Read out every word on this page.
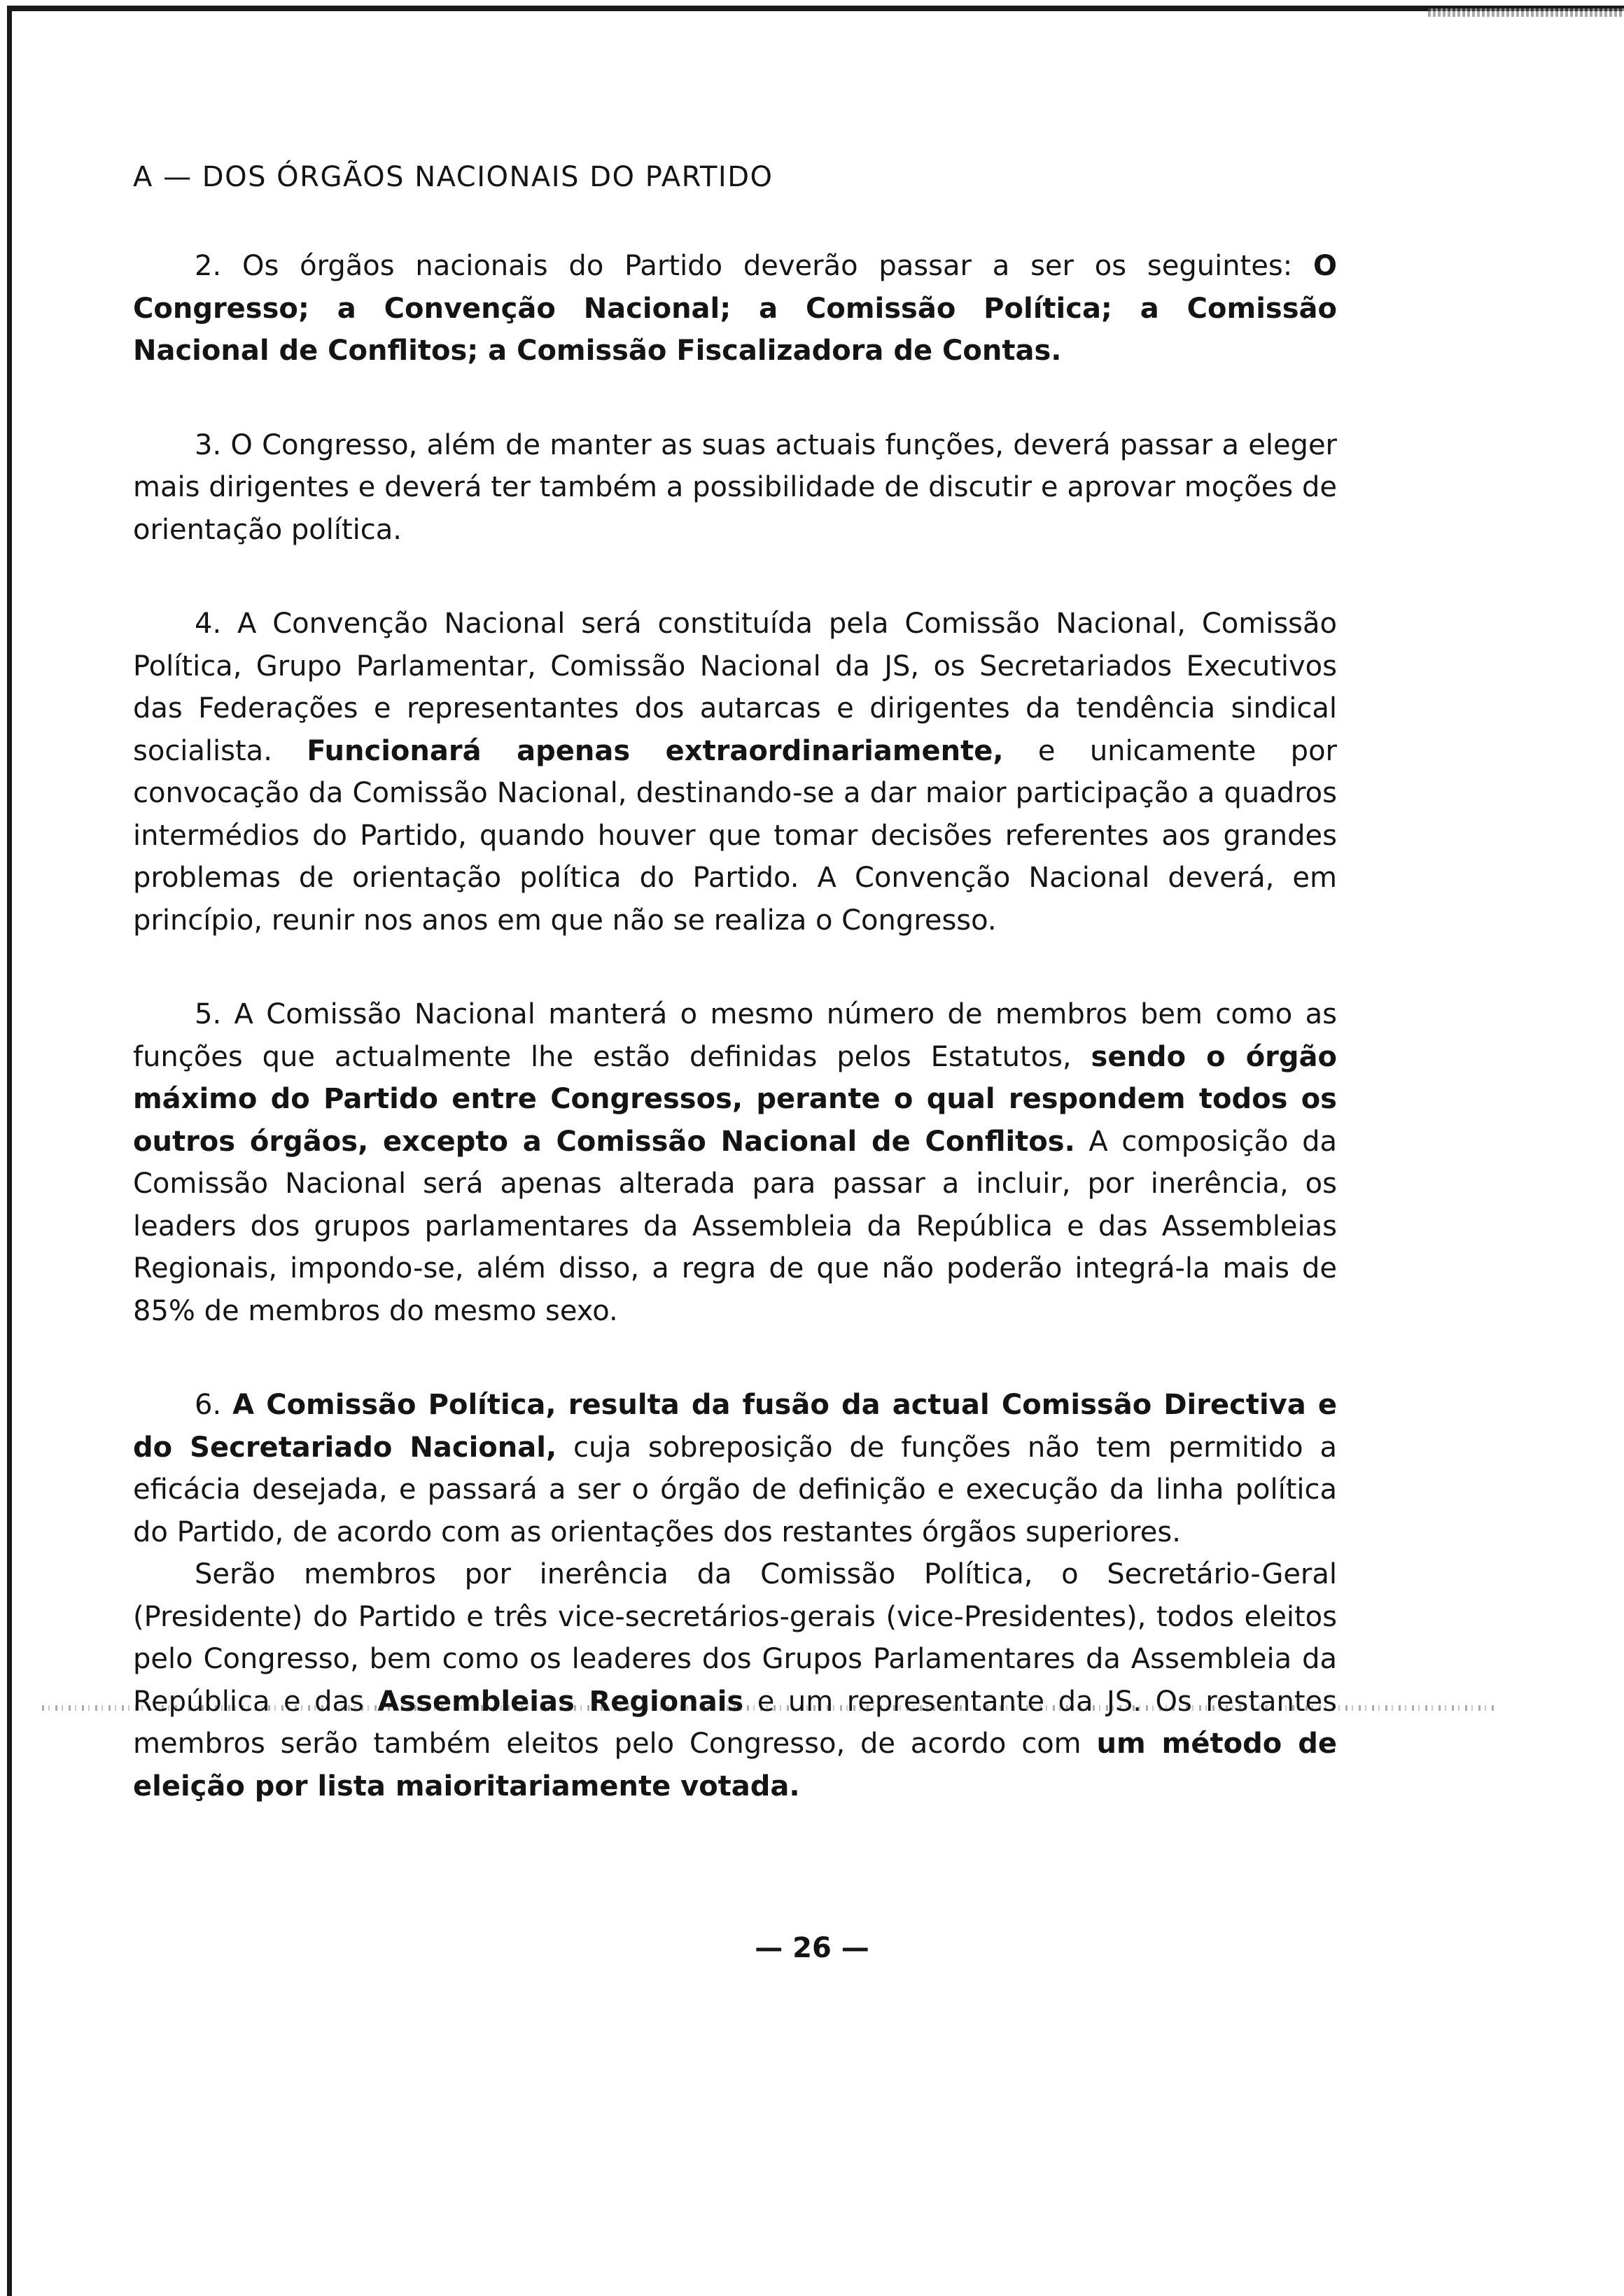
A — DOS ÓRGÃOS NACIONAIS DO PARTIDO

2. Os órgãos nacionais do Partido deverão passar a ser os seguintes: O Congresso; a Convenção Nacional; a Comissão Política; a Comissão Nacional de Conflitos; a Comissão Fiscalizadora de Contas.

3. O Congresso, além de manter as suas actuais funções, deverá passar a eleger mais dirigentes e deverá ter também a possibilidade de discutir e aprovar moções de orientação política.

4. A Convenção Nacional será constituída pela Comissão Nacional, Comissão Política, Grupo Parlamentar, Comissão Nacional da JS, os Secretariados Executivos das Federações e representantes dos autarcas e dirigentes da tendência sindical socialista. Funcionará apenas extraordinariamente, e unicamente por convocação da Comissão Nacional, destinando-se a dar maior participação a quadros intermédios do Partido, quando houver que tomar decisões referentes aos grandes problemas de orientação política do Partido. A Convenção Nacional deverá, em princípio, reunir nos anos em que não se realiza o Congresso.

5. A Comissão Nacional manterá o mesmo número de membros bem como as funções que actualmente lhe estão definidas pelos Estatutos, sendo o órgão máximo do Partido entre Congressos, perante o qual respondem todos os outros órgãos, excepto a Comissão Nacional de Conflitos. A composição da Comissão Nacional será apenas alterada para passar a incluir, por inerência, os leaders dos grupos parlamentares da Assembleia da República e das Assembleias Regionais, impondo-se, além disso, a regra de que não poderão integrá-la mais de 85% de membros do mesmo sexo.

6. A Comissão Política, resulta da fusão da actual Comissão Directiva e do Secretariado Nacional, cuja sobreposição de funções não tem permitido a eficácia desejada, e passará a ser o órgão de definição e execução da linha política do Partido, de acordo com as orientações dos restantes órgãos superiores.

Serão membros por inerência da Comissão Política, o Secretário-Geral (Presidente) do Partido e três vice-secretários-gerais (vice-Presidentes), todos eleitos pelo Congresso, bem como os leaderes dos Grupos Parlamentares da Assembleia da República e das Assembleias Regionais e um representante da JS. Os restantes membros serão também eleitos pelo Congresso, de acordo com um método de eleição por lista maioritariamente votada.

— 26 —
